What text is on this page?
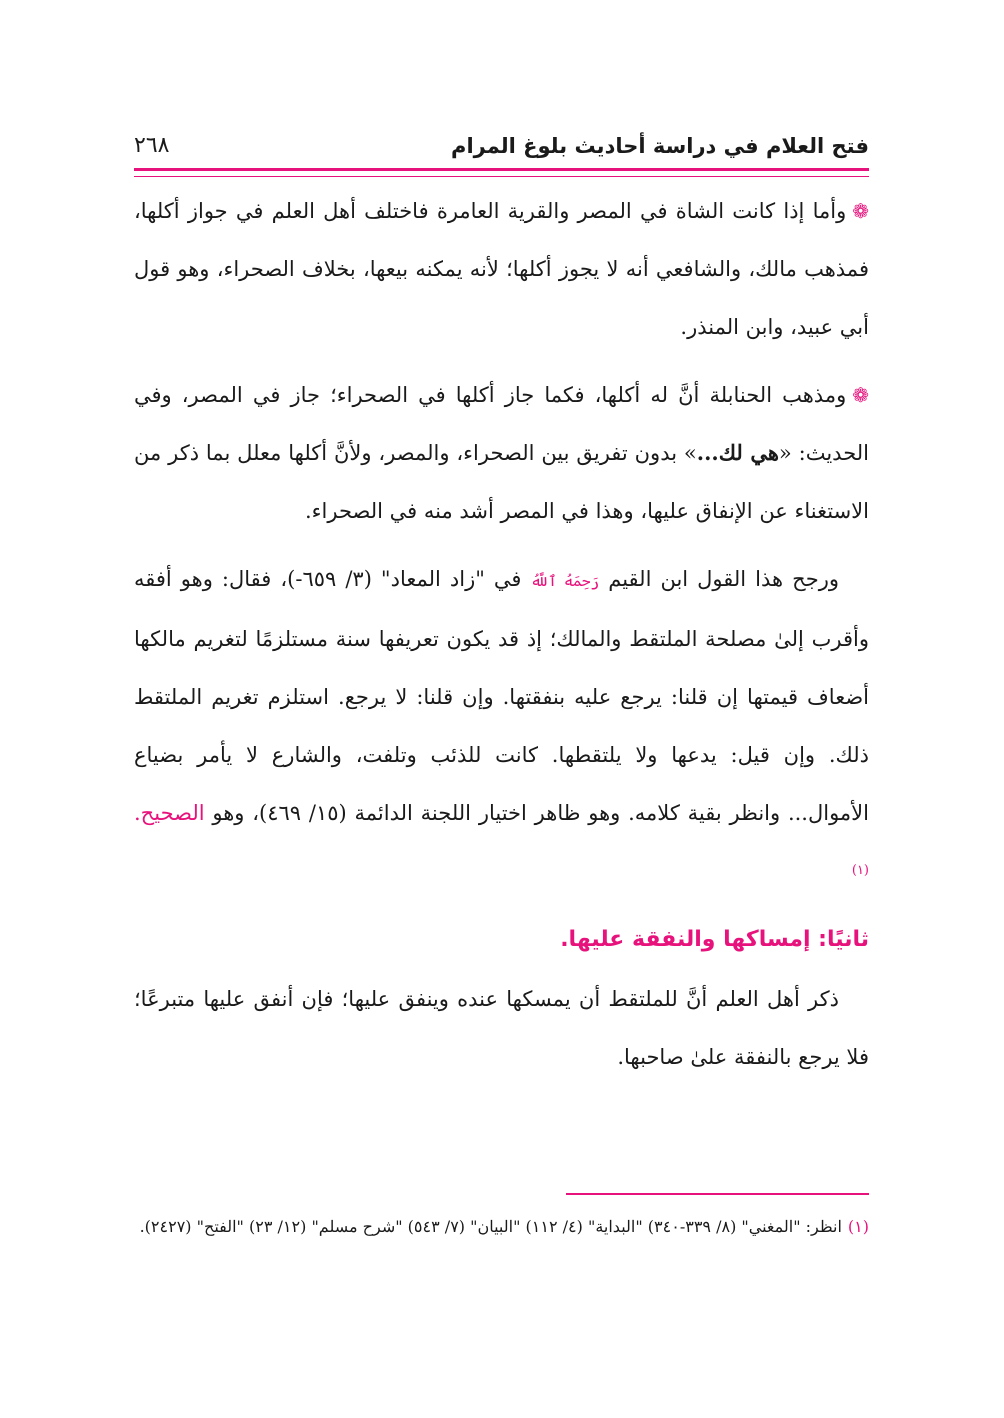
فتح العلام في دراسة أحاديث بلوغ المرام
٢٦٨

❁وأما إذا كانت الشاة في المصر والقرية العامرة فاختلف أهل العلم في جواز أكلها، فمذهب مالك، والشافعي أنه لا يجوز أكلها؛ لأنه يمكنه بيعها، بخلاف الصحراء، وهو قول أبي عبيد، وابن المنذر.

❁ومذهب الحنابلة أنَّ له أكلها، فكما جاز أكلها في الصحراء؛ جاز في المصر، وفي الحديث: «هي لك...» بدون تفريق بين الصحراء، والمصر، ولأنَّ أكلها معلل بما ذكر من الاستغناء عن الإنفاق عليها، وهذا في المصر أشد منه في الصحراء.

ورجح هذا القول ابن القيم رَحِمَهُ ٱللَّهُ في "زاد المعاد" (٣/ ٦٥٩-)، فقال: وهو أفقه وأقرب إلىٰ مصلحة الملتقط والمالك؛ إذ قد يكون تعريفها سنة مستلزمًا لتغريم مالكها أضعاف قيمتها إن قلنا: يرجع عليه بنفقتها. وإن قلنا: لا يرجع. استلزم تغريم الملتقط ذلك. وإن قيل: يدعها ولا يلتقطها. كانت للذئب وتلفت، والشارع لا يأمر بضياع الأموال... وانظر بقية كلامه. وهو ظاهر اختيار اللجنة الدائمة (١٥/ ٤٦٩)، وهو الصحيح.$^{(١)}$

ثانيًا: إمساكها والنفقة عليها.

ذكر أهل العلم أنَّ للملتقط أن يمسكها عنده وينفق عليها؛ فإن أنفق عليها متبرعًا؛ فلا يرجع بالنفقة علىٰ صاحبها.

(١)انظر: "المغني" (٨/ ٣٣٩-٣٤٠) "البداية" (٤/ ١١٢) "البيان" (٧/ ٥٤٣) "شرح مسلم" (١٢/ ٢٣) "الفتح" (٢٤٢٧).
